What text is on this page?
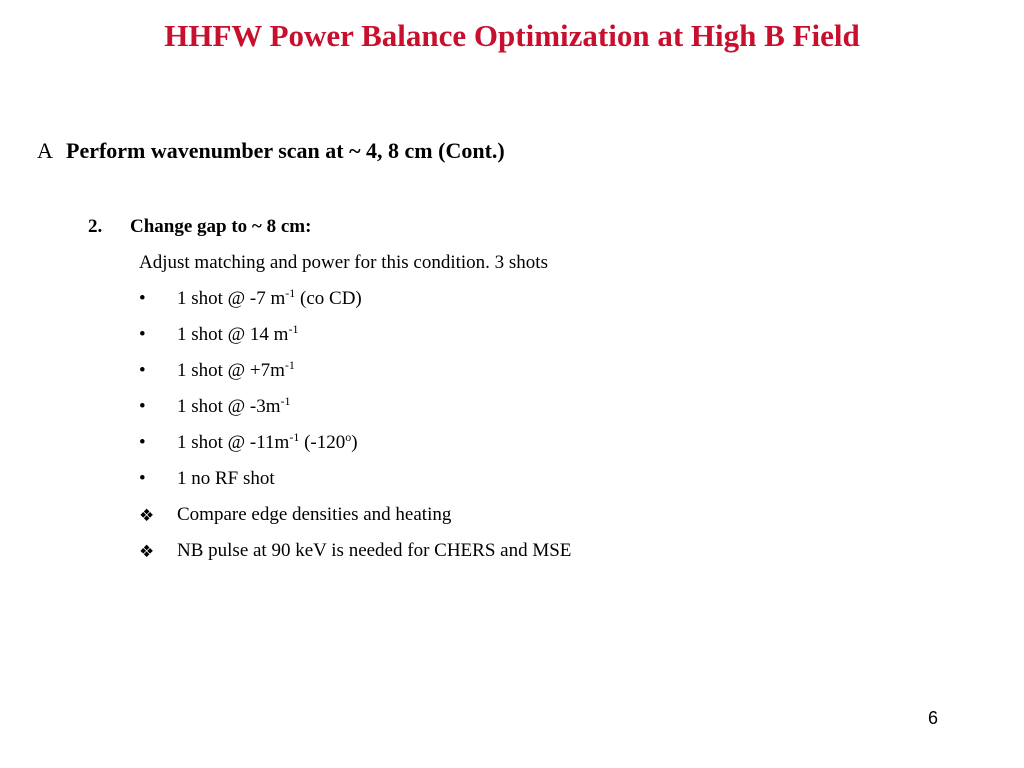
HHFW Power Balance Optimization at High B Field
A Perform wavenumber scan at ~ 4, 8 cm (Cont.)
2. Change gap to ~ 8 cm:
Adjust matching and power for this condition. 3 shots
•	1 shot @ -7 $m^{-1}$ (co CD)
•	1 shot @ 14 $m^{-1}$
•	1 shot @ $+7m^{-1}$
•	1 shot @ $-3m^{-1}$
•	1 shot @ $-11m^{-1}$ (-120$^o$)
•	1 no RF shot
❖ Compare edge densities and heating
❖ NB pulse at 90 keV is needed for CHERS and MSE
6
